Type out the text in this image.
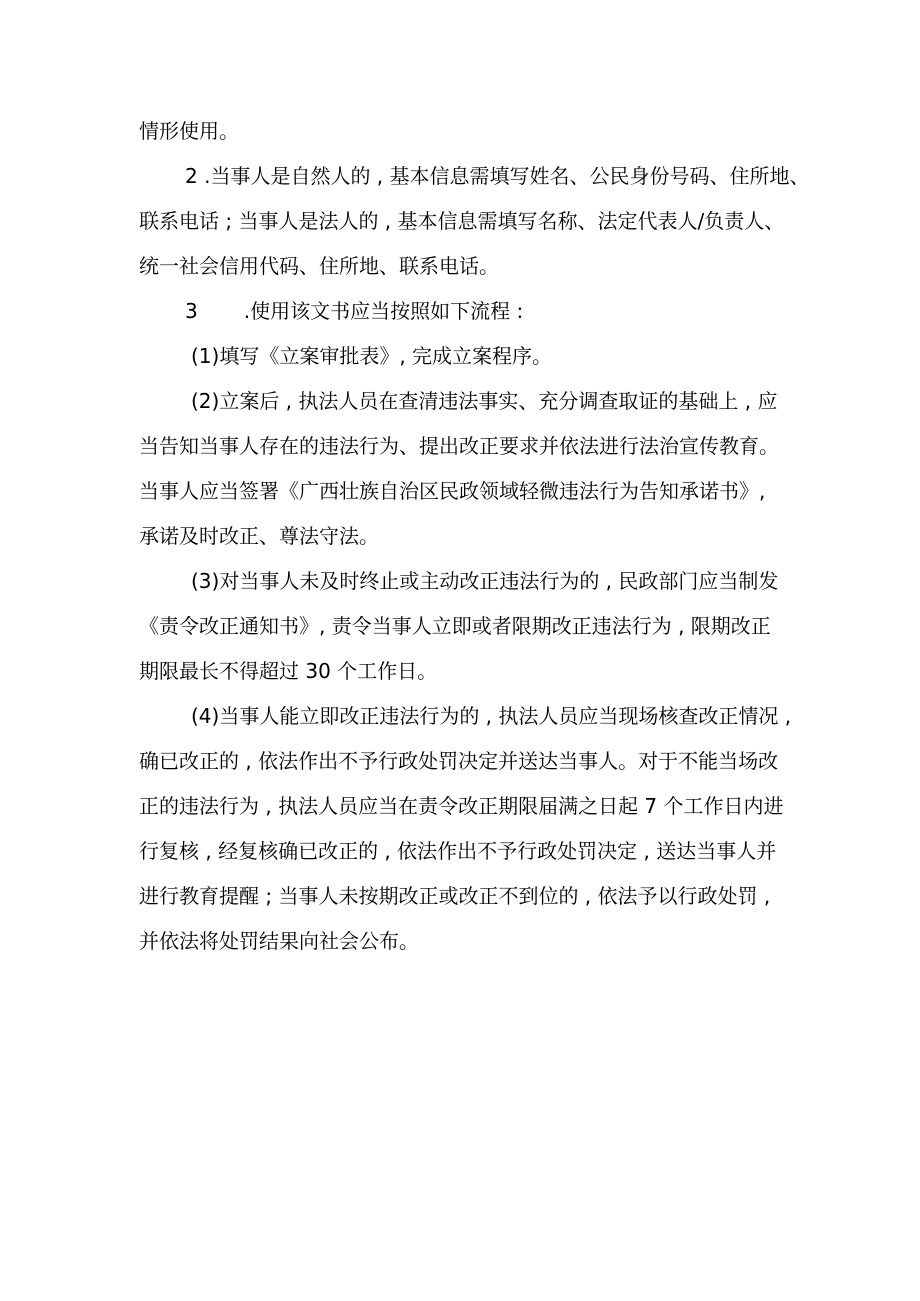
情形使用。
2 .当事人是自然人的 , 基本信息需填写姓名、公民身份号码、住所地、
联系电话 ; 当事人是法人的 , 基本信息需填写名称、法定代表人/负责人、
统一社会信用代码、住所地、联系电话。
3 .使用该文书应当按照如下流程 :
(1)填写《立案审批表》, 完成立案程序。
(2)立案后 , 执法人员在查清违法事实、充分调查取证的基础上 , 应
当告知当事人存在的违法行为、提出改正要求并依法进行法治宣传教育。
当事人应当签署《广西壮族自治区民政领域轻微违法行为告知承诺书》,
承诺及时改正、尊法守法。
(3)对当事人未及时终止或主动改正违法行为的 , 民政部门应当制发
《责令改正通知书》, 责令当事人立即或者限期改正违法行为 , 限期改正
期限最长不得超过 30 个工作日。
(4)当事人能立即改正违法行为的 , 执法人员应当现场核查改正情况 ,
确已改正的 , 依法作出不予行政处罚决定并送达当事人。对于不能当场改
正的违法行为 , 执法人员应当在责令改正期限届满之日起 7 个工作日内进
行复核 , 经复核确已改正的 , 依法作出不予行政处罚决定 , 送达当事人并
进行教育提醒 ; 当事人未按期改正或改正不到位的 , 依法予以行政处罚 ,
并依法将处罚结果向社会公布。
